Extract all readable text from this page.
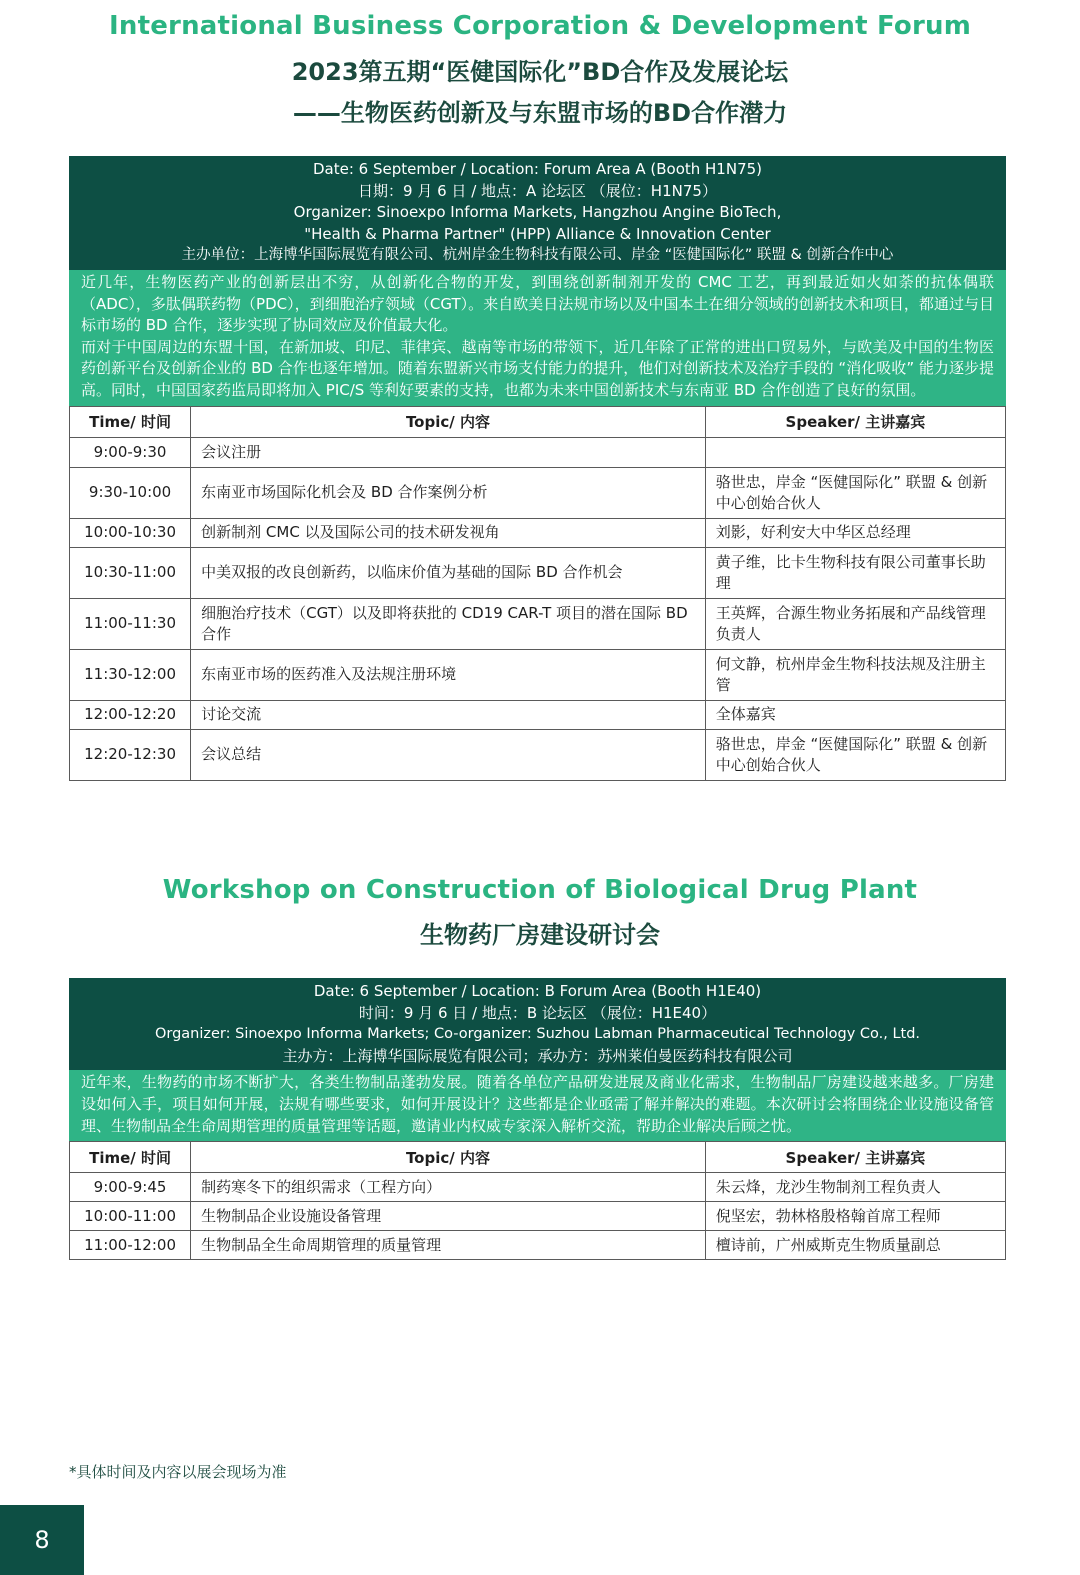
International Business Corporation & Development Forum
2023第五期“医健国际化”BD合作及发展论坛
——生物医药创新及与东盟市场的BD合作潜力
Date: 6 September / Location: Forum Area A (Booth H1N75)
日期：9 月 6 日 / 地点：A 论坛区 （展位：H1N75）
Organizer: Sinoexpo Informa Markets, Hangzhou Angine BioTech,
"Health & Pharma Partner" (HPP) Alliance & Innovation Center
主办单位：上海博华国际展览有限公司、杭州岸金生物科技有限公司、岸金 “医健国际化” 联盟 & 创新合作中心

近几年，生物医药产业的创新层出不穷，从创新化合物的开发，到围绕创新制剂开发的 CMC 工艺，再到最近如火如荼的抗体偶联（ADC），多肽偶联药物（PDC），到细胞治疗领域（CGT）。来自欧美日法规市场以及中国本土在细分领域的创新技术和项目，都通过与目标市场的 BD 合作，逐步实现了协同效应及价值最大化。

而对于中国周边的东盟十国，在新加坡、印尼、菲律宾、越南等市场的带领下，近几年除了正常的进出口贸易外，与欧美及中国的生物医药创新平台及创新企业的 BD 合作也逐年增加。随着东盟新兴市场支付能力的提升，他们对创新技术及治疗手段的 “消化吸收” 能力逐步提高。同时，中国国家药监局即将加入 PIC/S 等利好要素的支持，也都为未来中国创新技术与东南亚 BD 合作创造了良好的氛围。

Time/ 时间	Topic/ 内容	Speaker/ 主讲嘉宾
9:00-9:30	会议注册	
9:30-10:00	东南亚市场国际化机会及 BD 合作案例分析	骆世忠，岸金 “医健国际化” 联盟 & 创新中心创始合伙人
10:00-10:30	创新制剂 CMC 以及国际公司的技术研发视角	刘影，好利安大中华区总经理
10:30-11:00	中美双报的改良创新药，以临床价值为基础的国际 BD 合作机会	黄子维，比卡生物科技有限公司董事长助理
11:00-11:30	细胞治疗技术（CGT）以及即将获批的 CD19 CAR-T 项目的潜在国际 BD 合作	王英辉，合源生物业务拓展和产品线管理负责人
11:30-12:00	东南亚市场的医药准入及法规注册环境	何文静，杭州岸金生物科技法规及注册主管
12:00-12:20	讨论交流	全体嘉宾
12:20-12:30	会议总结	骆世忠，岸金 “医健国际化” 联盟 & 创新中心创始合伙人
Workshop on Construction of Biological Drug Plant
生物药厂房建设研讨会
Date: 6 September / Location: B Forum Area (Booth H1E40)
时间：9 月 6 日 / 地点：B 论坛区 （展位：H1E40）
Organizer: Sinoexpo Informa Markets; Co-organizer: Suzhou Labman Pharmaceutical Technology Co., Ltd.
主办方：上海博华国际展览有限公司；承办方：苏州莱伯曼医药科技有限公司

近年来，生物药的市场不断扩大，各类生物制品蓬勃发展。随着各单位产品研发进展及商业化需求，生物制品厂房建设越来越多。厂房建设如何入手，项目如何开展，法规有哪些要求，如何开展设计？这些都是企业亟需了解并解决的难题。本次研讨会将围绕企业设施设备管理、生物制品全生命周期管理的质量管理等话题，邀请业内权威专家深入解析交流，帮助企业解决后顾之忧。

Time/ 时间	Topic/ 内容	Speaker/ 主讲嘉宾
9:00-9:45	制药寒冬下的组织需求（工程方向）	朱云烽，龙沙生物制剂工程负责人
10:00-11:00	生物制品企业设施设备管理	倪坚宏，勃林格殷格翰首席工程师
11:00-12:00	生物制品全生命周期管理的质量管理	檀诗前，广州威斯克生物质量副总
*具体时间及内容以展会现场为准
8
